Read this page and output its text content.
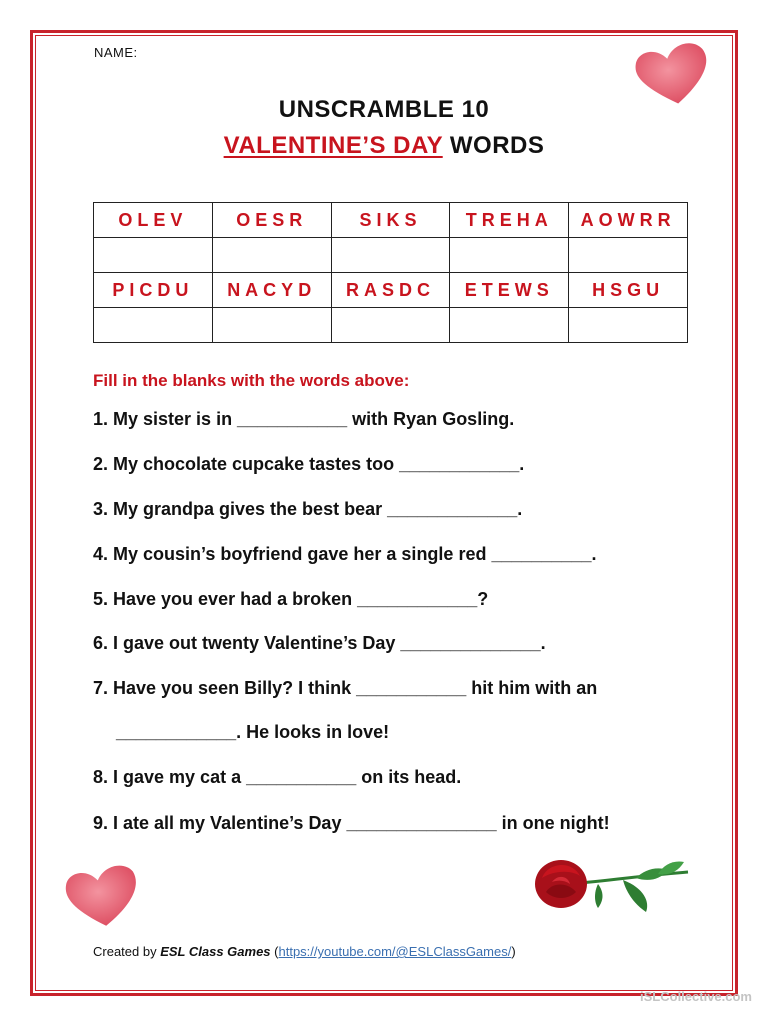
NAME:
UNSCRAMBLE 10
VALENTINE’S DAY WORDS
OLEV	OESR	SIKS	TREHA	AOWRR

PICDU	NACYD	RASDC	ETEWS	HSGU

Fill in the blanks with the words above:
1. My sister is in ___________ with Ryan Gosling.
2. My chocolate cupcake tastes too ____________.
3. My grandpa gives the best bear _____________.
4. My cousin’s boyfriend gave her a single red __________.
5. Have you ever had a broken ____________?
6. I gave out twenty Valentine’s Day ______________.
7. Have you seen Billy? I think ___________ hit him with an
____________. He looks in love!
8. I gave my cat a ___________ on its head.
9. I ate all my Valentine’s Day _______________ in one night!
Created by ESL Class Games (https://youtube.com/@ESLClassGames/)
iSLCollective.com
